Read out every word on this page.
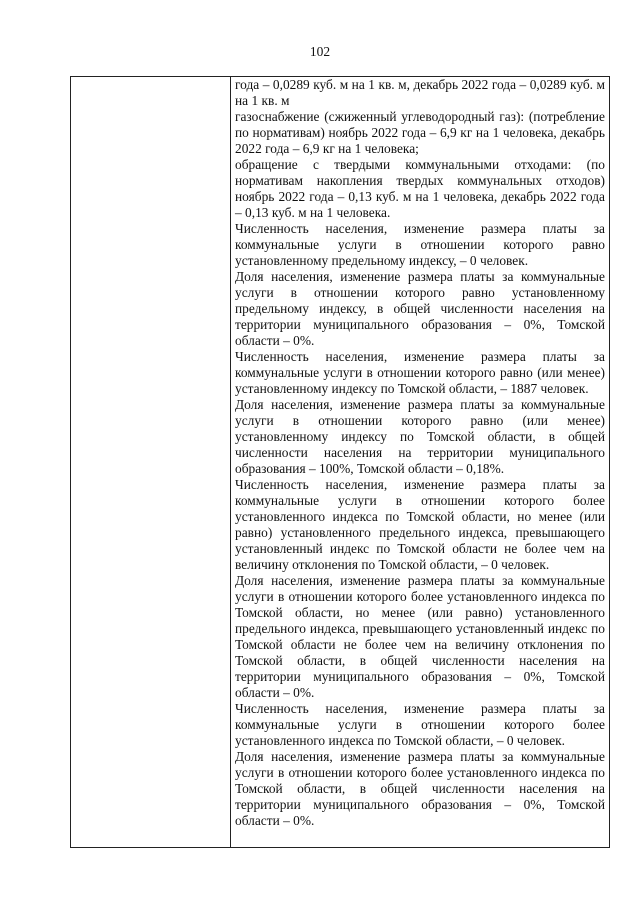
102

года – 0,0289 куб. м на 1 кв. м, декабрь 2022 года – 0,0289 куб. м на 1 кв. м

газоснабжение (сжиженный углеводородный газ): (потребление по нормативам) ноябрь 2022 года – 6,9 кг на 1 человека, декабрь 2022 года – 6,9 кг на 1 человека;

обращение с твердыми коммунальными отходами: (по нормативам накопления твердых коммунальных отходов) ноябрь 2022 года – 0,13 куб. м на 1 человека, декабрь 2022 года – 0,13 куб. м на 1 человека.

Численность населения, изменение размера платы за коммунальные услуги в отношении которого равно установленному предельному индексу, – 0 человек.

Доля населения, изменение размера платы за коммунальные услуги в отношении которого равно установленному предельному индексу, в общей численности населения на территории муниципального образования – 0%, Томской области – 0%.

Численность населения, изменение размера платы за коммунальные услуги в отношении которого равно (или менее) установленному индексу по Томской области, – 1887 человек.

Доля населения, изменение размера платы за коммунальные услуги в отношении которого равно (или менее) установленному индексу по Томской области, в общей численности населения на территории муниципального образования – 100%, Томской области – 0,18%.

Численность населения, изменение размера платы за коммунальные услуги в отношении которого более установленного индекса по Томской области, но менее (или равно) установленного предельного индекса, превышающего установленный индекс по Томской области не более чем на величину отклонения по Томской области, – 0 человек.

Доля населения, изменение размера платы за коммунальные услуги в отношении которого более установленного индекса по Томской области, но менее (или равно) установленного предельного индекса, превышающего установленный индекс по Томской области не более чем на величину отклонения по Томской области, в общей численности населения на территории муниципального образования – 0%, Томской области – 0%.

Численность населения, изменение размера платы за коммунальные услуги в отношении которого более установленного индекса по Томской области, – 0 человек.

Доля населения, изменение размера платы за коммунальные услуги в отношении которого более установленного индекса по Томской области, в общей численности населения на территории муниципального образования – 0%, Томской области – 0%.
